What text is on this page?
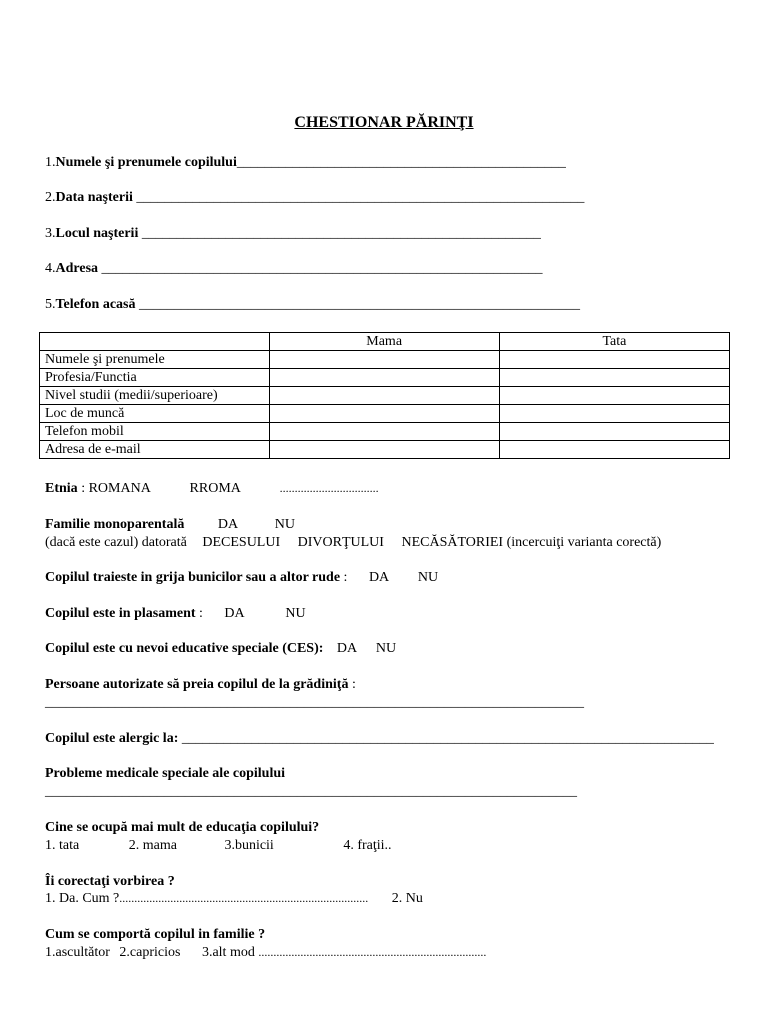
CHESTIONAR PĂRINŢI
1.Numele şi prenumele copilului_______________________________________________
2.Data naşterii ________________________________________________________________
3.Locul naşterii _________________________________________________________
4.Adresa _______________________________________________________________
5.Telefon acasă _______________________________________________________________
	Mama	Tata
Numele şi prenumele		
Profesia/Functia		
Nivel studii (medii/superioare)		
Loc de muncă		
Telefon mobil		
Adresa de e-mail		
Etnia : ROMANA	RROMA	.................................
Familie monoparentală DA	NU
(dacă este cazul) datorată DECESULUI DIVORŢULUI NECĂSĂTORIEI (incercuiţi varianta corectă)
Copilul traieste in grija bunicilor sau a altor rude : DA NU
Copilul este in plasament : DA	NU
Copilul este cu nevoi educative speciale (CES): DA NU
Persoane autorizate să preia copilul de la grădiniţă :
_____________________________________________________________________________
Copilul este alergic la: ____________________________________________________________________________
Probleme medicale speciale ale copilului
____________________________________________________________________________
Cine se ocupă mai mult de educaţia copilului?
1. tata	2. mama	3.bunicii	4. fraţii..
Îi corectaţi vorbirea ?
1. Da. Cum ?................................................................................... 2. Nu
Cum se comportă copilul in familie ?
1.ascultător 2.capricios 3.alt mod ............................................................................
